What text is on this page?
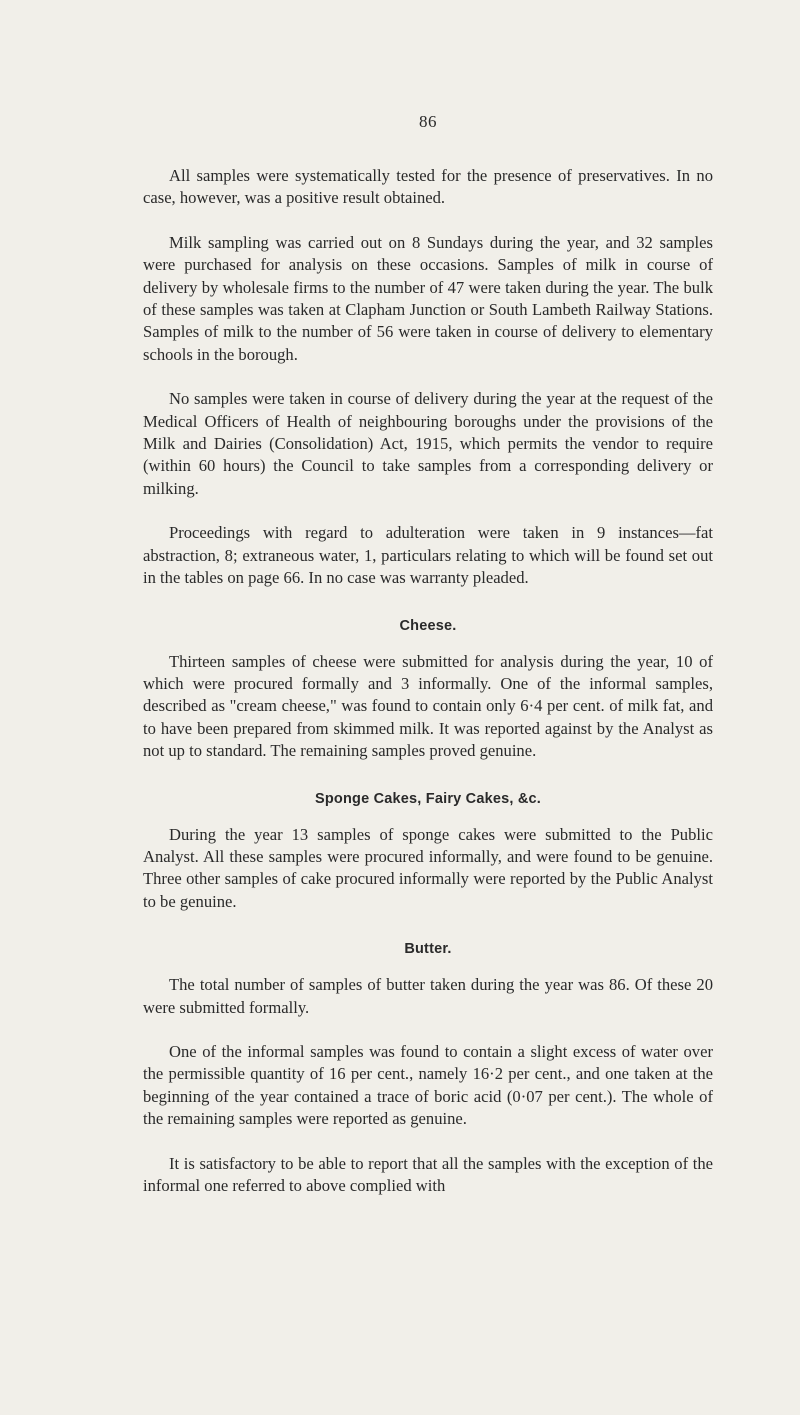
86

All samples were systematically tested for the presence of preservatives. In no case, however, was a positive result obtained.

Milk sampling was carried out on 8 Sundays during the year, and 32 samples were purchased for analysis on these occasions. Samples of milk in course of delivery by wholesale firms to the number of 47 were taken during the year. The bulk of these samples was taken at Clapham Junction or South Lambeth Railway Stations. Samples of milk to the number of 56 were taken in course of delivery to elementary schools in the borough.

No samples were taken in course of delivery during the year at the request of the Medical Officers of Health of neighbouring boroughs under the provisions of the Milk and Dairies (Consolidation) Act, 1915, which permits the vendor to require (within 60 hours) the Council to take samples from a corresponding delivery or milking.

Proceedings with regard to adulteration were taken in 9 instances—fat abstraction, 8; extraneous water, 1, particulars relating to which will be found set out in the tables on page 66. In no case was warranty pleaded.

Cheese.

Thirteen samples of cheese were submitted for analysis during the year, 10 of which were procured formally and 3 informally. One of the informal samples, described as "cream cheese," was found to contain only 6·4 per cent. of milk fat, and to have been prepared from skimmed milk. It was reported against by the Analyst as not up to standard. The remaining samples proved genuine.

Sponge Cakes, Fairy Cakes, &c.

During the year 13 samples of sponge cakes were submitted to the Public Analyst. All these samples were procured informally, and were found to be genuine. Three other samples of cake procured informally were reported by the Public Analyst to be genuine.

Butter.

The total number of samples of butter taken during the year was 86. Of these 20 were submitted formally.

One of the informal samples was found to contain a slight excess of water over the permissible quantity of 16 per cent., namely 16·2 per cent., and one taken at the beginning of the year contained a trace of boric acid (0·07 per cent.). The whole of the remaining samples were reported as genuine.

It is satisfactory to be able to report that all the samples with the exception of the informal one referred to above complied with
